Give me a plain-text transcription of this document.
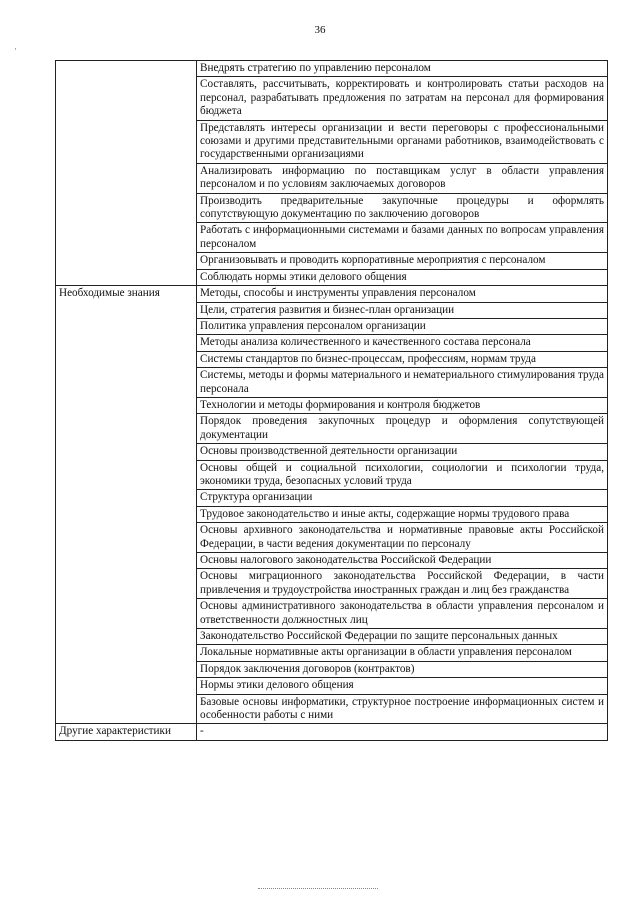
36
·
	Внедрять стратегию по управлению персоналом
	Составлять, рассчитывать, корректировать и контролировать статьи расходов на персонал, разрабатывать предложения по затратам на персонал для формирования бюджета
	Представлять интересы организации и вести переговоры с профессиональными союзами и другими представительными органами работников, взаимодействовать с государственными организациями
	Анализировать информацию по поставщикам услуг в области управления персоналом и по условиям заключаемых договоров
	Производить предварительные закупочные процедуры и оформлять сопутствующую документацию по заключению договоров
	Работать с информационными системами и базами данных по вопросам управления персоналом
	Организовывать и проводить корпоративные мероприятия с персоналом
	Соблюдать нормы этики делового общения
Необходимые знания	Методы, способы и инструменты управления персоналом
	Цели, стратегия развития и бизнес-план организации
	Политика управления персоналом организации
	Методы анализа количественного и качественного состава персонала
	Системы стандартов по бизнес-процессам, профессиям, нормам труда
	Системы, методы и формы материального и нематериального стимулирования труда персонала
	Технологии и методы формирования и контроля бюджетов
	Порядок проведения закупочных процедур и оформления сопутствующей документации
	Основы производственной деятельности организации
	Основы общей и социальной психологии, социологии и психологии труда, экономики труда, безопасных условий труда
	Структура организации
	Трудовое законодательство и иные акты, содержащие нормы трудового права
	Основы архивного законодательства и нормативные правовые акты Российской Федерации, в части ведения документации по персоналу
	Основы налогового законодательства Российской Федерации
	Основы миграционного законодательства Российской Федерации, в части привлечения и трудоустройства иностранных граждан и лиц без гражданства
	Основы административного законодательства в области управления персоналом и ответственности должностных лиц
	Законодательство Российской Федерации по защите персональных данных
	Локальные нормативные акты организации в области управления персоналом
	Порядок заключения договоров (контрактов)
	Нормы этики делового общения
	Базовые основы информатики, структурное построение информационных систем и особенности работы с ними
Другие характеристики	-
